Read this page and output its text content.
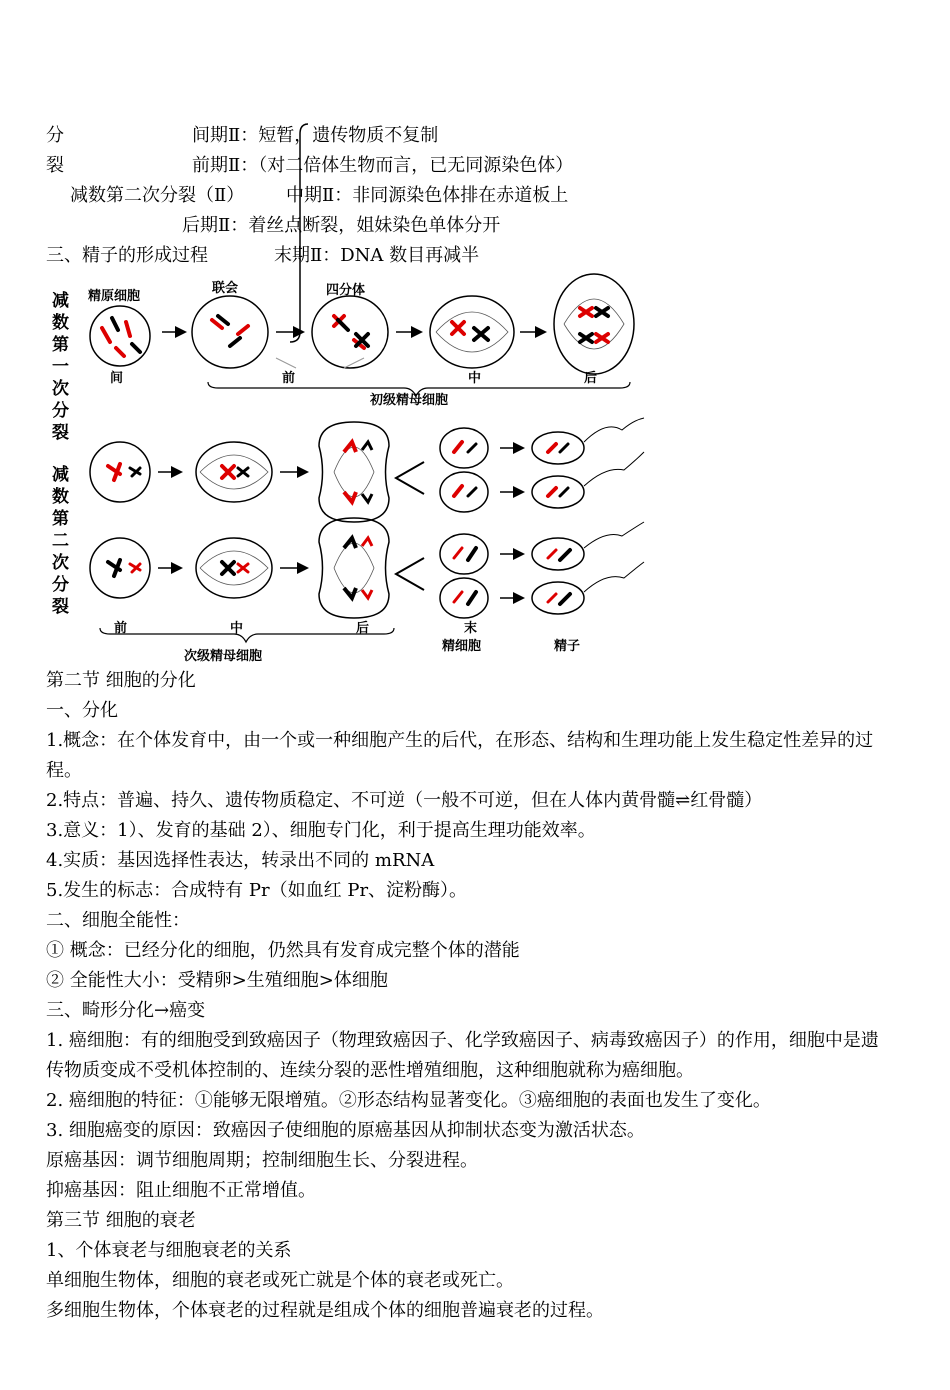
分	间期Ⅱ：短暂，遗传物质不复制
裂	前期Ⅱ：（对二倍体生物而言，已无同源染色体）
减数第二次分裂（Ⅱ） 中期Ⅱ：非同源染色体排在赤道板上
后期Ⅱ：着丝点断裂，姐妹染色单体分开
三、精子的形成过程	末期Ⅱ：DNA 数目再减半
减
数
第
一
次
分
裂
减
数
第
二
次
分
裂
精原细胞
联会	四分体
间	前	中	后
初级精母细胞
前	中	后	末
精细胞	精子
次级精母细胞
第二节 细胞的分化
一、分化
1.概念：在个体发育中，由一个或一种细胞产生的后代，在形态、结构和生理功能上发生稳定性差异的过程。
2.特点：普遍、持久、遗传物质稳定、不可逆（一般不可逆，但在人体内黄骨髓⇌红骨髓）
3.意义：1）、发育的基础 2）、细胞专门化，利于提高生理功能效率。
4.实质：基因选择性表达，转录出不同的 mRNA
5.发生的标志：合成特有 Pr（如血红 Pr、淀粉酶）。
二、细胞全能性：
① 概念：已经分化的细胞，仍然具有发育成完整个体的潜能
② 全能性大小：受精卵>生殖细胞>体细胞
三、畸形分化→癌变
1. 癌细胞：有的细胞受到致癌因子（物理致癌因子、化学致癌因子、病毒致癌因子）的作用，细胞中是遗传物质变成不受机体控制的、连续分裂的恶性增殖细胞，这种细胞就称为癌细胞。
2. 癌细胞的特征：①能够无限增殖。②形态结构显著变化。③癌细胞的表面也发生了变化。
3. 细胞癌变的原因：致癌因子使细胞的原癌基因从抑制状态变为激活状态。
原癌基因：调节细胞周期；控制细胞生长、分裂进程。
抑癌基因：阻止细胞不正常增值。
第三节 细胞的衰老
1、个体衰老与细胞衰老的关系
单细胞生物体，细胞的衰老或死亡就是个体的衰老或死亡。
多细胞生物体，个体衰老的过程就是组成个体的细胞普遍衰老的过程。
